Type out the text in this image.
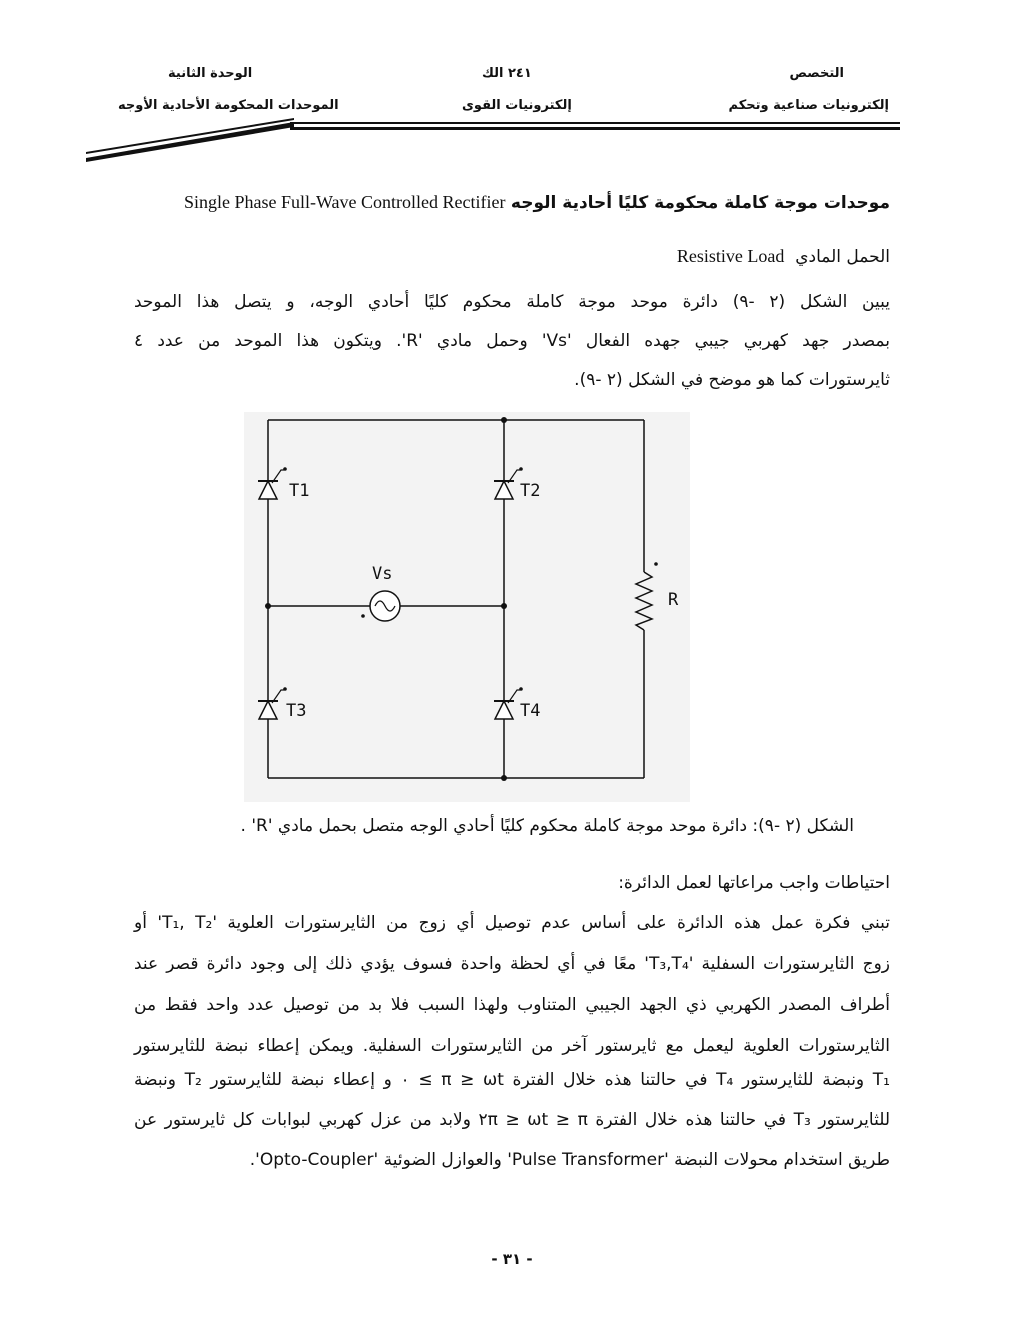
التخصص
إلكترونيات صناعية وتحكم
٢٤١ الك
إلكترونيات القوى
الوحدة الثانية
الموحدات المحكومة الأحادية الأوجه
موحدات موجة كاملة محكومة كليًا أحادية الوجه Single Phase Full-Wave Controlled Rectifier
الحمل المادي  Resistive Load
يبين الشكل (٢ -٩) دائرة موحد موجة كاملة محكوم كليًا أحادي الوجه، و يتصل هذا الموحد
بمصدر جهد كهربي جيبي جهده الفعال 'Vs' وحمل مادي 'R'. ويتكون هذا الموحد من عدد ٤
ثايرستورات كما هو موضح في الشكل (٢ -٩).
T1	T2
T3	T4
Vs
R
الشكل (٢ -٩): دائرة موحد موجة كاملة محكوم كليًا أحادي الوجه متصل بحمل مادي 'R' .
احتياطات واجب مراعاتها لعمل الدائرة:
تبني فكرة عمل هذه الدائرة على أساس عدم توصيل أي زوج من الثايرستورات العلوية 'T₁, T₂' أو
زوج الثايرستورات السفلية 'T₃,T₄' معًا في أي لحظة واحدة فسوف يؤدي ذلك إلى وجود دائرة قصر عند
أطراف المصدر الكهربي ذي الجهد الجيبي المتناوب ولهذا السبب فلا بد من توصيل عدد واحد فقط من
الثايرستورات العلوية ليعمل مع ثايرستور آخر من الثايرستورات السفلية. ويمكن إعطاء نبضة للثايرستور
T₁ ونبضة للثايرستور T₄ في حالتنا هذه خلال الفترة π ≥ ωt ≥ ٠ و إعطاء نبضة للثايرستور T₂ ونبضة
للثايرستور T₃ في حالتنا هذه خلال الفترة ٢π ≥ ωt ≥ π ولابد من عزل كهربي لبوابات كل ثايرستور عن
طريق استخدام محولات النبضة 'Pulse Transformer' والعوازل الضوئية 'Opto-Coupler'.
- ٣١ -
